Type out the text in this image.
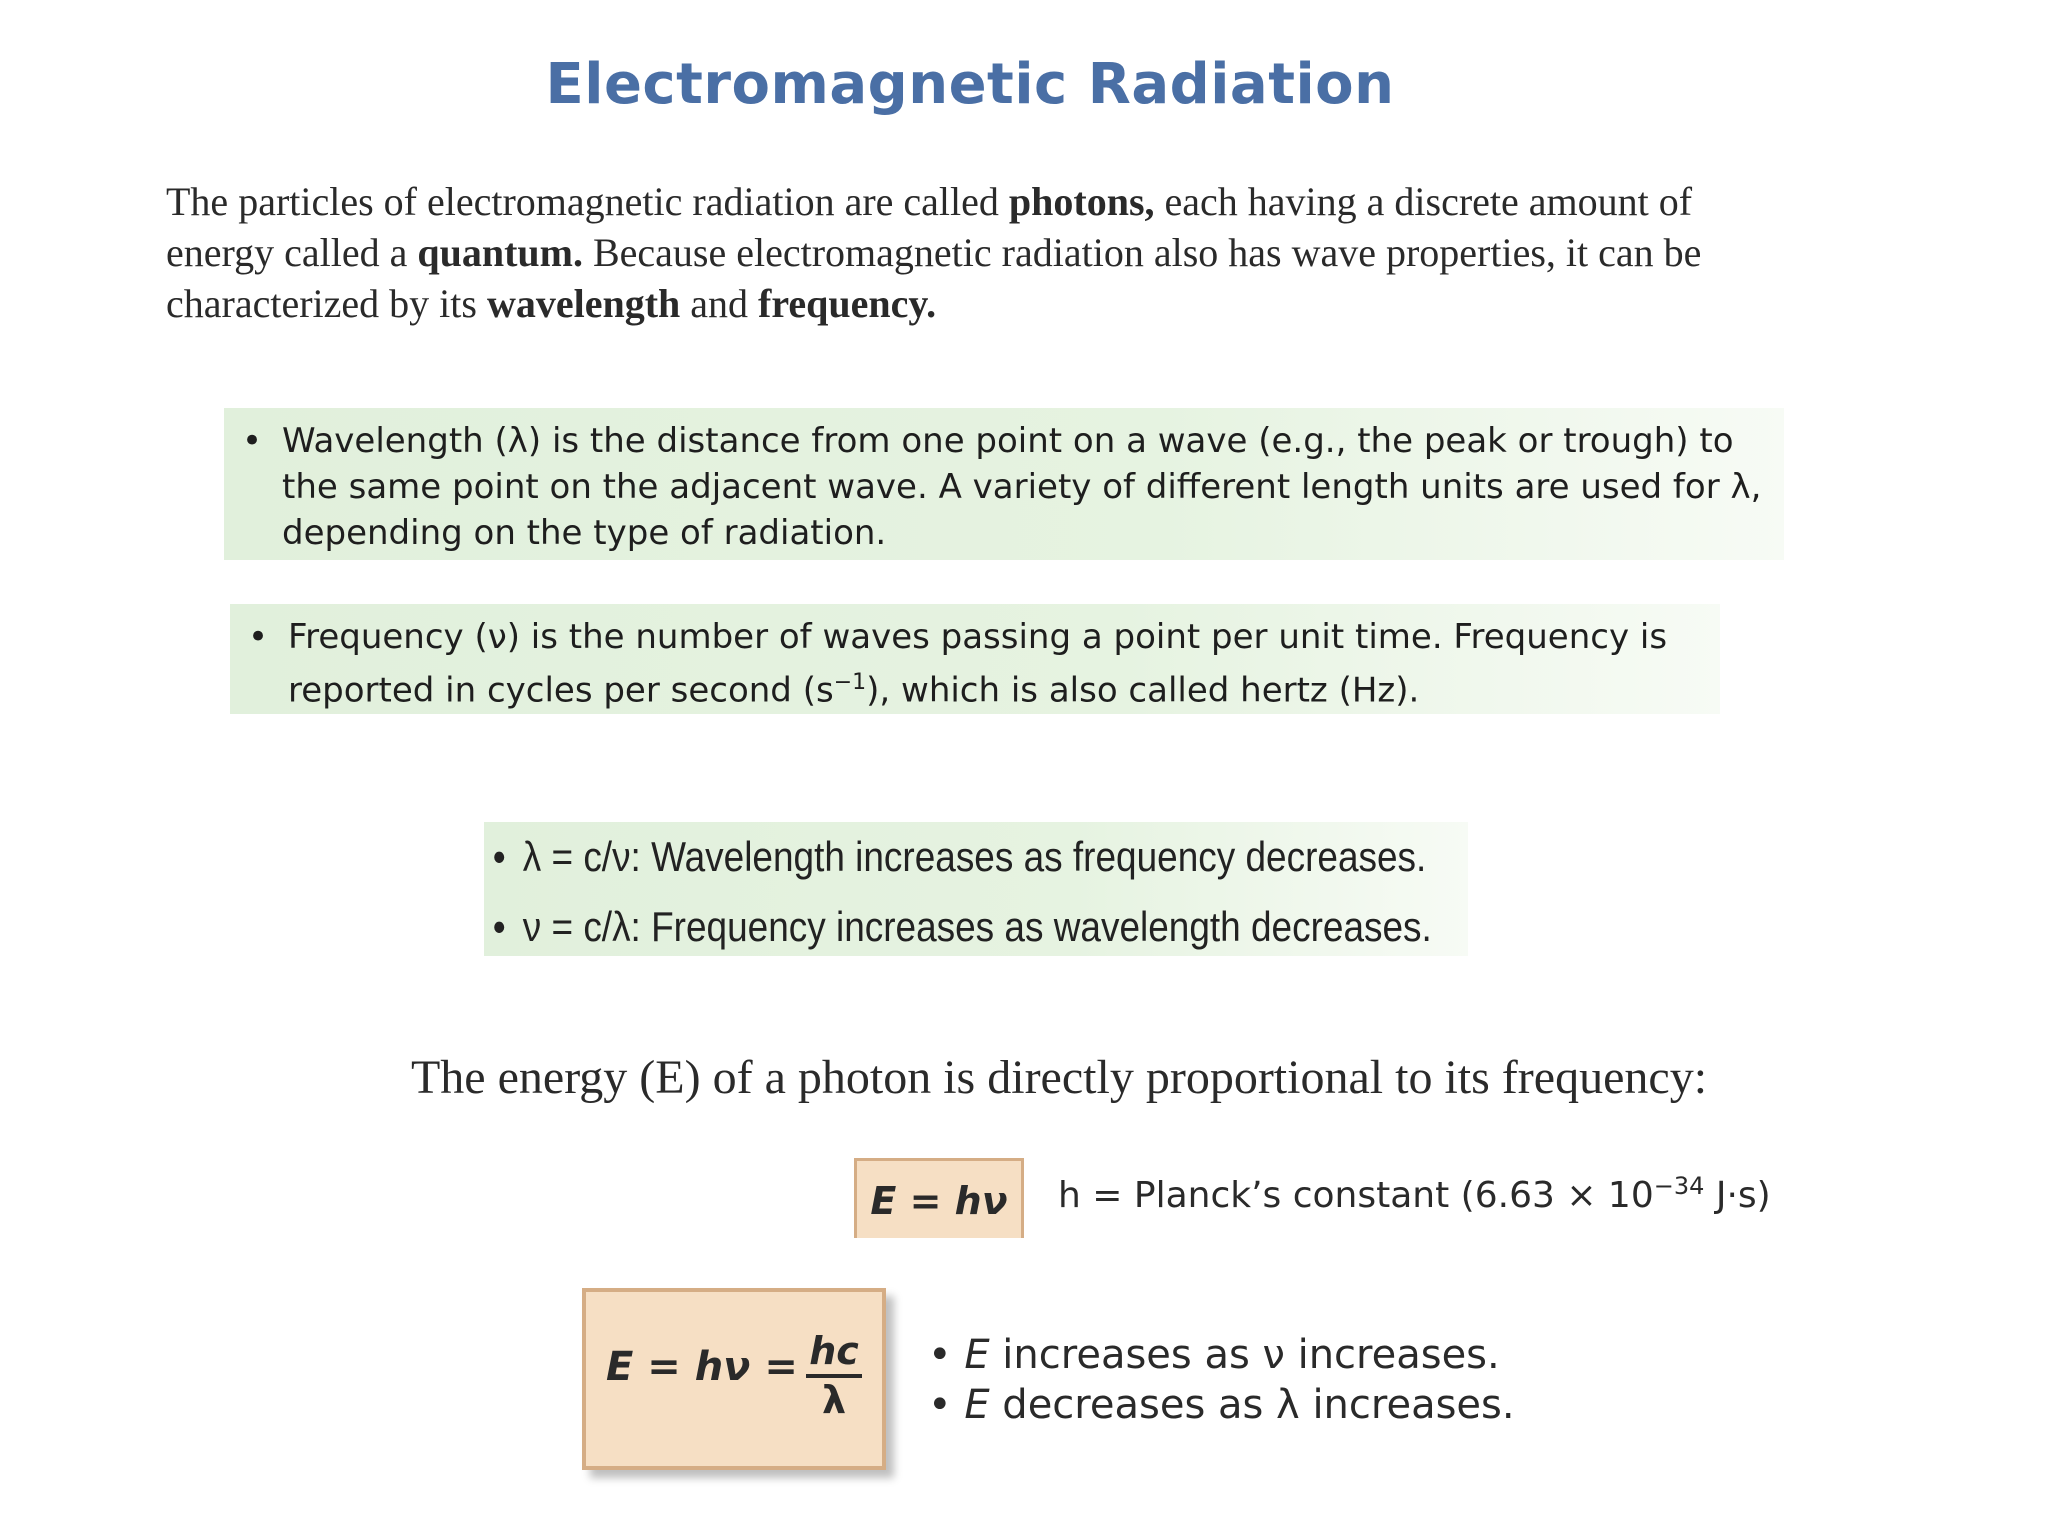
Electromagnetic Radiation

The particles of electromagnetic radiation are called photons, each having a discrete amount of energy called a quantum. Because electromagnetic radiation also has wave properties, it can be characterized by its wavelength and frequency.

• Wavelength (λ) is the distance from one point on a wave (e.g., the peak or trough) to the same point on the adjacent wave. A variety of different length units are used for λ, depending on the type of radiation.
• Frequency (ν) is the number of waves passing a point per unit time. Frequency is reported in cycles per second $(s^{-1})$, which is also called hertz (Hz).
• λ = c/ν: Wavelength increases as frequency decreases.
• ν = c/λ: Frequency increases as wavelength decreases.
The energy (E) of a photon is directly proportional to its frequency:
E = hν	h = Planck’s constant ($6.63 \times 10^{-34}$ J·s)
$E = h\nu = \frac{hc}{\lambda}$ • E increases as ν increases.
• E decreases as λ increases.
